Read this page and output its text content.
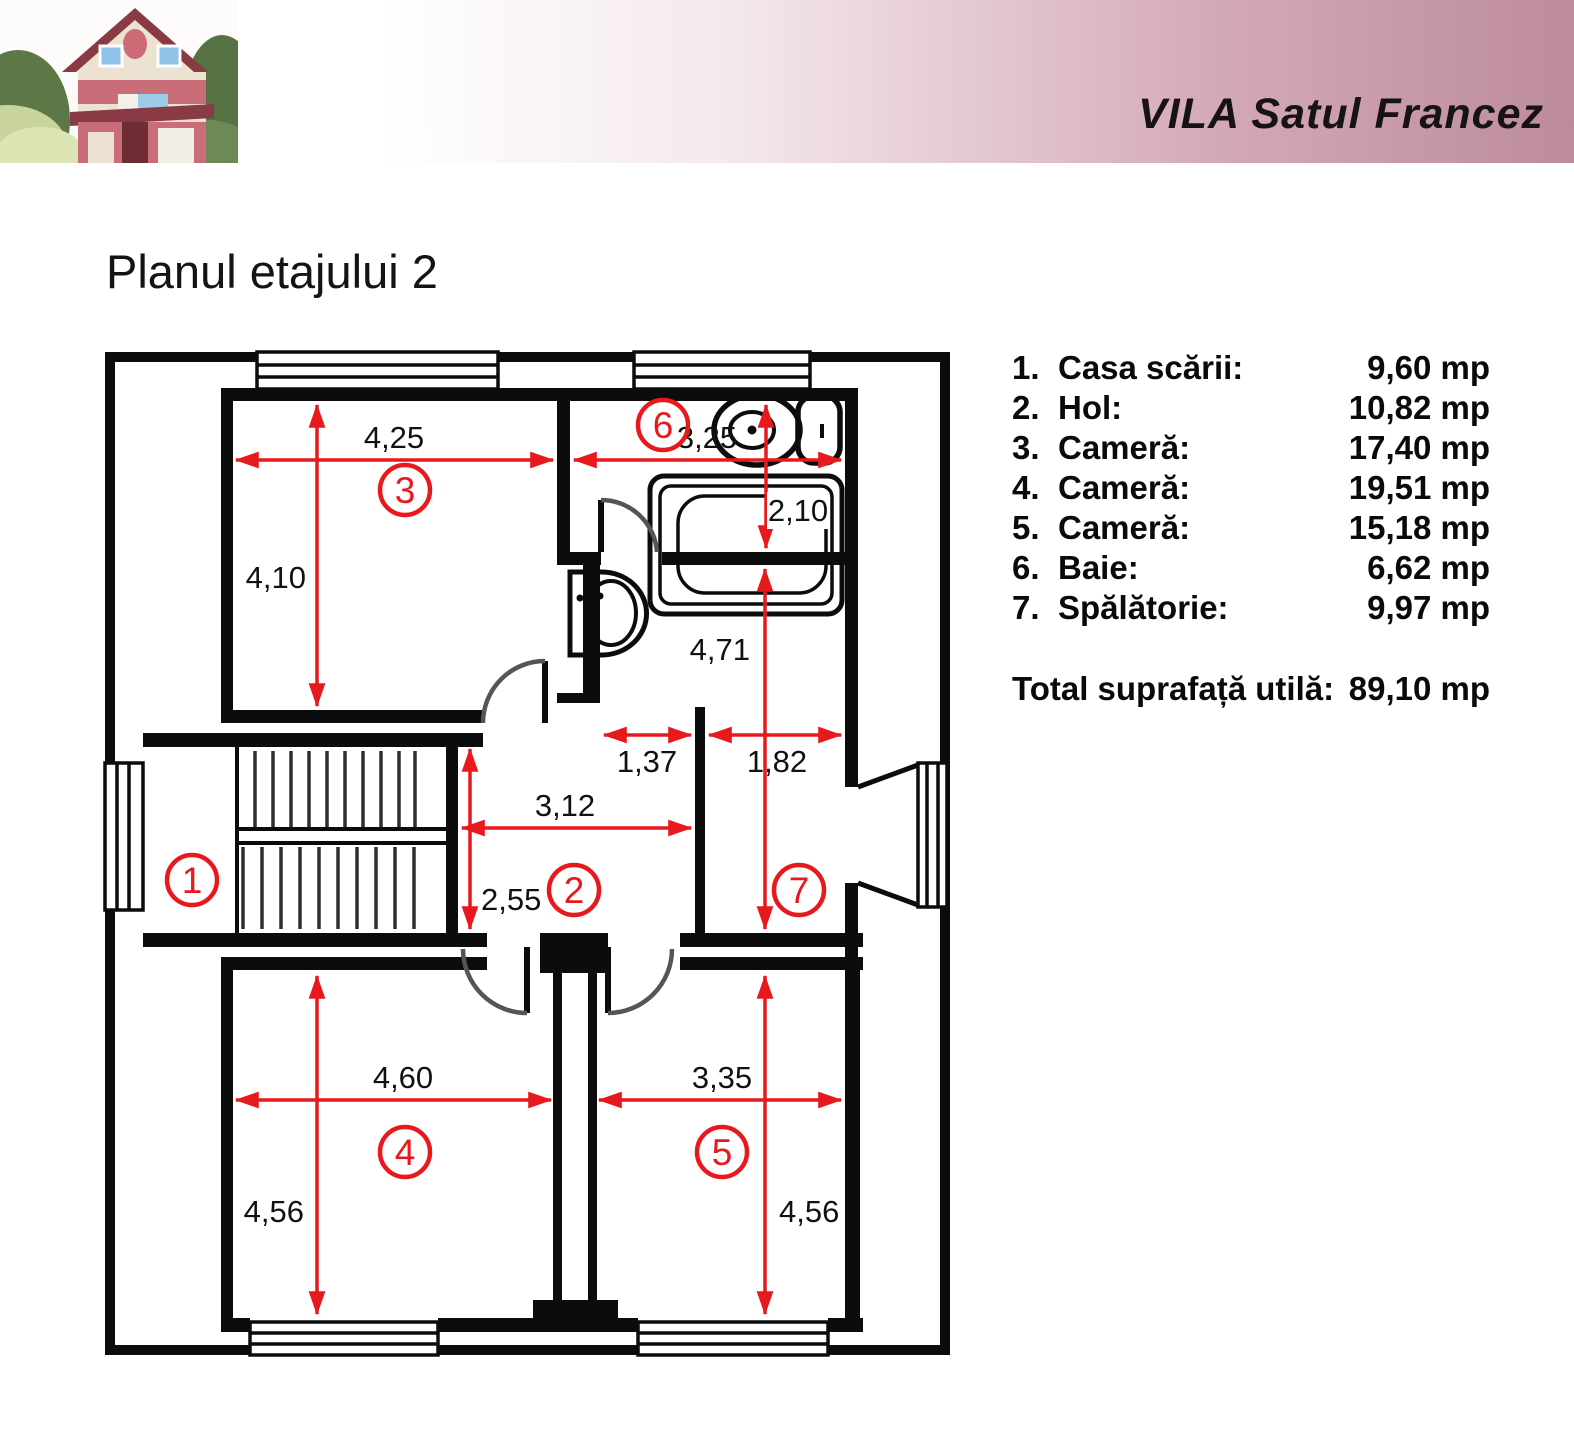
VILA Satul Francez
Planul etajului 2
1. Casa scării:	9,60 mp
2. Hol:	10,82 mp
3. Cameră:	17,40 mp
4. Cameră:	19,51 mp
5. Cameră:	15,18 mp
6. Baie:	6,62 mp
7. Spălătorie:	9,97 mp
Total suprafață utilă: 89,10 mp
4,25	3,25
2,10
4,10
4,71
1,37 1,82
3,12
2,55
4,60	3,35
4,56	4,56
1	2
3
4	5
6
7
